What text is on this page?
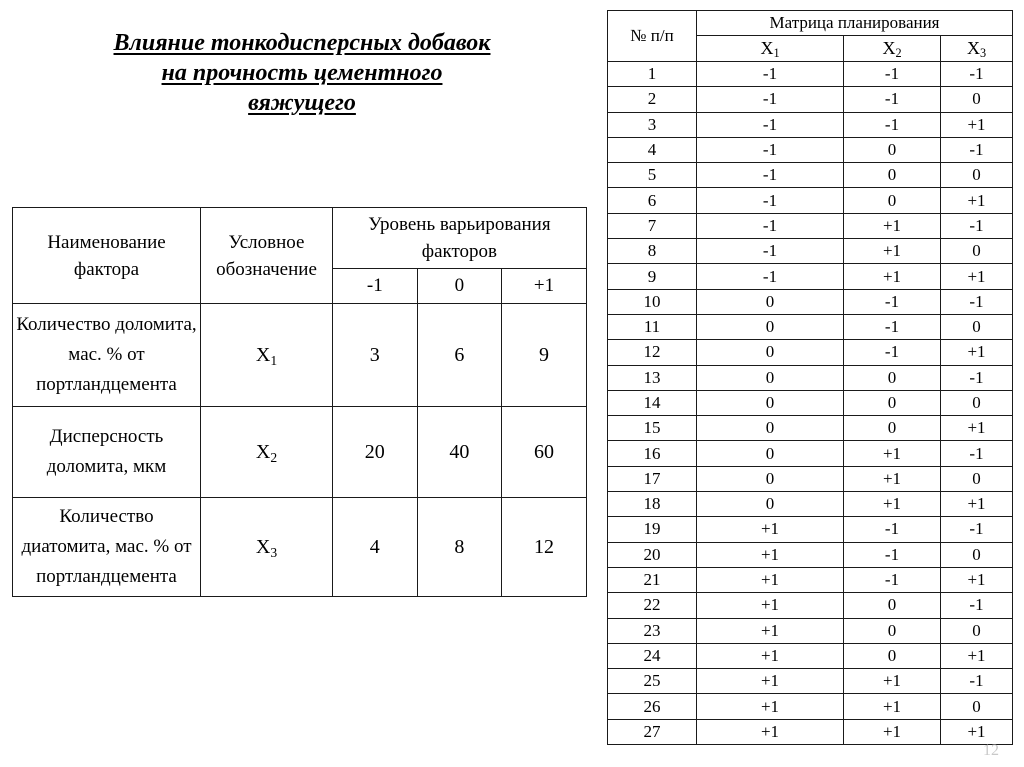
Влияние тонкодисперсных добавок
на прочность цементного
вяжущего
Наименование фактора	Условное обозначение	Уровень варьирования факторов		
		-1	0	+1
Количество доломита, мас. % от портландцемента	$X_1$	3	6	9
Дисперсность доломита, мкм	$X_2$	20	40	60
Количество диатомита, мас. % от портландцемента	$X_3$	4	8	12
№ п/п	Матрица планирования		
	$X_1$	$X_2$	$X_3$
1	-1	-1	-1
2	-1	-1	0
3	-1	-1	+1
4	-1	0	-1
5	-1	0	0
6	-1	0	+1
7	-1	+1	-1
8	-1	+1	0
9	-1	+1	+1
10	0	-1	-1
11	0	-1	0
12	0	-1	+1
13	0	0	-1
14	0	0	0
15	0	0	+1
16	0	+1	-1
17	0	+1	0
18	0	+1	+1
19	+1	-1	-1
20	+1	-1	0
21	+1	-1	+1
22	+1	0	-1
23	+1	0	0
24	+1	0	+1
25	+1	+1	-1
26	+1	+1	0
27	+1	+1	+1
12
